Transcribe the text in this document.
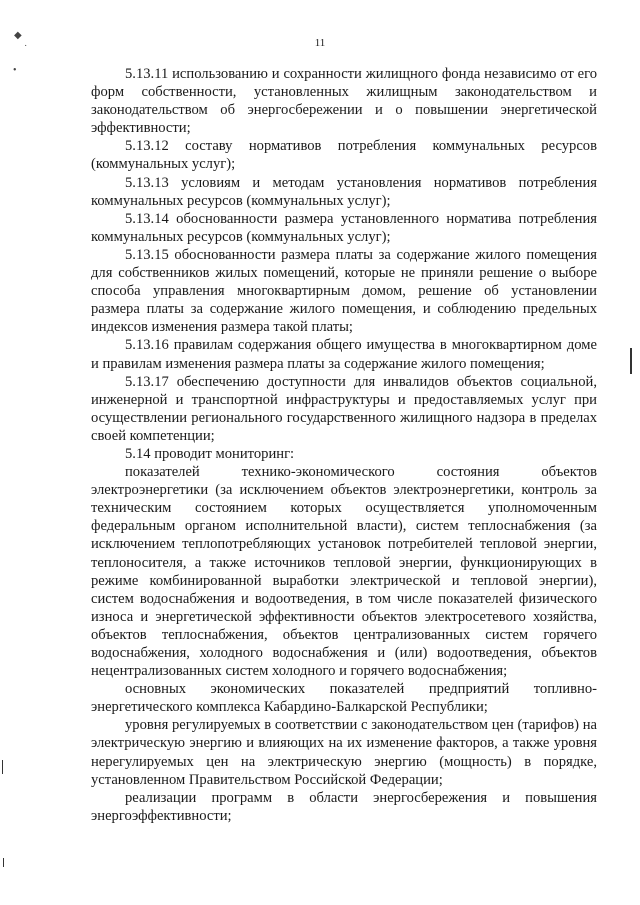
11
◆
˙
•	5.13.11 использованию и сохранности жилищного фонда независимо от его форм собственности, установленных жилищным законодательством и законодательством об энергосбережении и о повышении энергетической эффективности;

5.13.12 составу нормативов потребления коммунальных ресурсов (коммунальных услуг);

5.13.13 условиям и методам установления нормативов потребления коммунальных ресурсов (коммунальных услуг);

5.13.14 обоснованности размера установленного норматива потребления коммунальных ресурсов (коммунальных услуг);

5.13.15 обоснованности размера платы за содержание жилого помещения для собственников жилых помещений, которые не приняли решение о выборе способа управления многоквартирным домом, решение об установлении размера платы за содержание жилого помещения, и соблюдению предельных индексов изменения размера такой платы;

5.13.16 правилам содержания общего имущества в многоквартирном доме и правилам изменения размера платы за содержание жилого помещения;

5.13.17 обеспечению доступности для инвалидов объектов социальной, инженерной и транспортной инфраструктуры и предоставляемых услуг при осуществлении регионального государственного жилищного надзора в пределах своей компетенции;

5.14 проводит мониторинг:

показателей технико-экономического состояния объектов электроэнергетики (за исключением объектов электроэнергетики, контроль за техническим состоянием которых осуществляется уполномоченным федеральным органом исполнительной власти), систем теплоснабжения (за исключением теплопотребляющих установок потребителей тепловой энергии, теплоносителя, а также источников тепловой энергии, функционирующих в режиме комбинированной выработки электрической и тепловой энергии), систем водоснабжения и водоотведения, в том числе показателей физического износа и энергетической эффективности объектов электросетевого хозяйства, объектов теплоснабжения, объектов централизованных систем горячего водоснабжения, холодного водоснабжения и (или) водоотведения, объектов нецентрализованных систем холодного и горячего водоснабжения;

основных экономических показателей предприятий топливно-энергетического комплекса Кабардино-Балкарской Республики;

уровня регулируемых в соответствии с законодательством цен (тарифов) на электрическую энергию и влияющих на их изменение факторов, а также уровня нерегулируемых цен на электрическую энергию (мощность) в порядке, установленном Правительством Российской Федерации;

реализации программ в области энергосбережения и повышения энергоэффективности;
